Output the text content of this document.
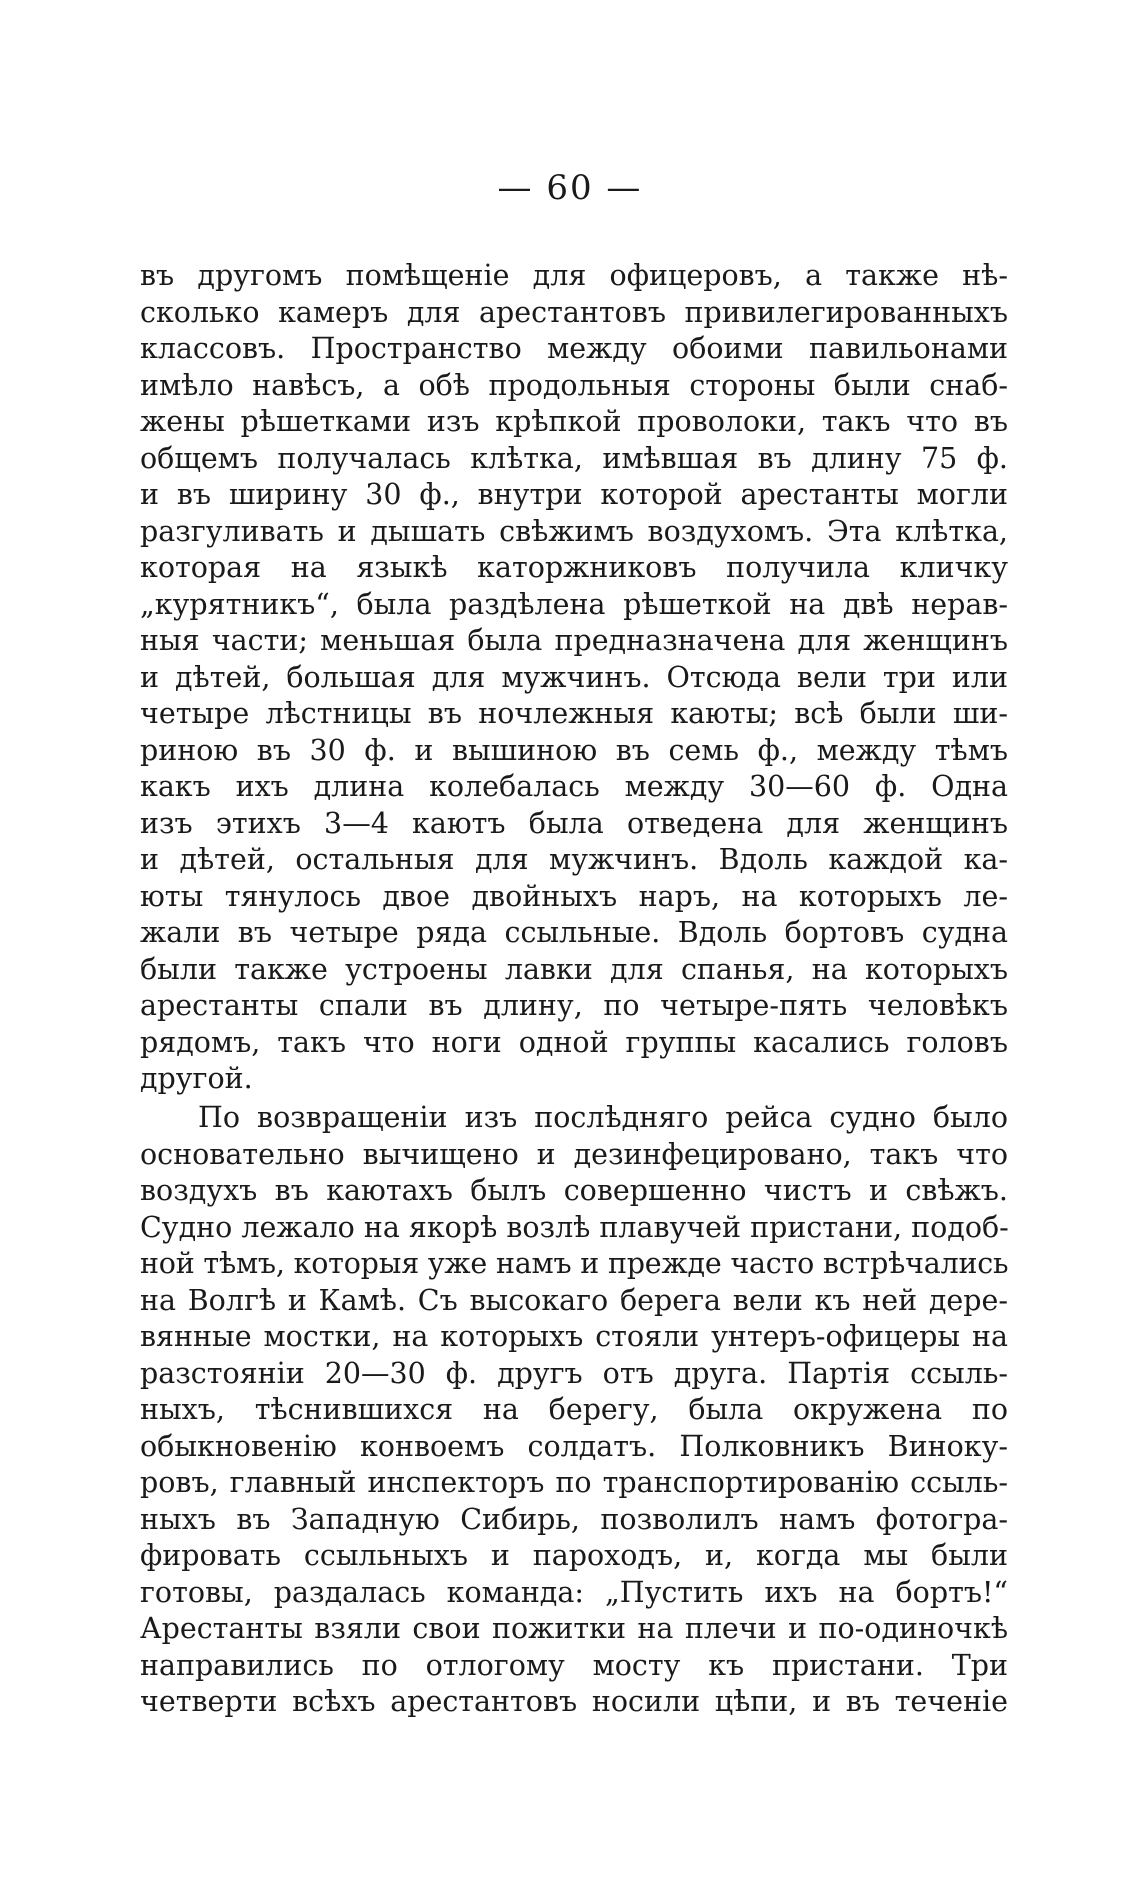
— 60 —
въ другомъ помѣщеніе для офицеровъ, а также нѣ-
сколько камеръ для арестантовъ привилегированныхъ
классовъ. Пространство между обоими павильонами
имѣло навѣсъ, а обѣ продольныя стороны были снаб-
жены рѣшетками изъ крѣпкой проволоки, такъ что въ
общемъ получалась клѣтка, имѣвшая въ длину 75 ф.
и въ ширину 30 ф., внутри которой арестанты могли
разгуливать и дышать свѣжимъ воздухомъ. Эта клѣтка,
которая на языкѣ каторжниковъ получила кличку
„курятникъ“, была раздѣлена рѣшеткой на двѣ нерав-
ныя части; меньшая была предназначена для женщинъ
и дѣтей, большая для мужчинъ. Отсюда вели три или
четыре лѣстницы въ ночлежныя каюты; всѣ были ши-
риною въ 30 ф. и вышиною въ семь ф., между тѣмъ
какъ ихъ длина колебалась между 30—60 ф. Одна
изъ этихъ 3—4 каютъ была отведена для женщинъ
и дѣтей, остальныя для мужчинъ. Вдоль каждой ка-
юты тянулось двое двойныхъ наръ, на которыхъ ле-
жали въ четыре ряда ссыльные. Вдоль бортовъ судна
были также устроены лавки для спанья, на которыхъ
арестанты спали въ длину, по четыре-пять человѣкъ
рядомъ, такъ что ноги одной группы касались головъ
другой.
По возвращеніи изъ послѣдняго рейса судно было
основательно вычищено и дезинфецировано, такъ что
воздухъ въ каютахъ былъ совершенно чистъ и свѣжъ.
Судно лежало на якорѣ возлѣ плавучей пристани, подоб-
ной тѣмъ, которыя уже намъ и прежде часто встрѣчались
на Волгѣ и Камѣ. Съ высокаго берега вели къ ней дере-
вянные мостки, на которыхъ стояли унтеръ-офицеры на
разстояніи 20—30 ф. другъ отъ друга. Партія ссыль-
ныхъ, тѣснившихся на берегу, была окружена по
обыкновенію конвоемъ солдатъ. Полковникъ Виноку-
ровъ, главный инспекторъ по транспортированію ссыль-
ныхъ въ Западную Сибирь, позволилъ намъ фотогра-
фировать ссыльныхъ и пароходъ, и, когда мы были
готовы, раздалась команда: „Пустить ихъ на бортъ!“
Арестанты взяли свои пожитки на плечи и по-одиночкѣ
направились по отлогому мосту къ пристани. Три
четверти всѣхъ арестантовъ носили цѣпи, и въ теченіе
